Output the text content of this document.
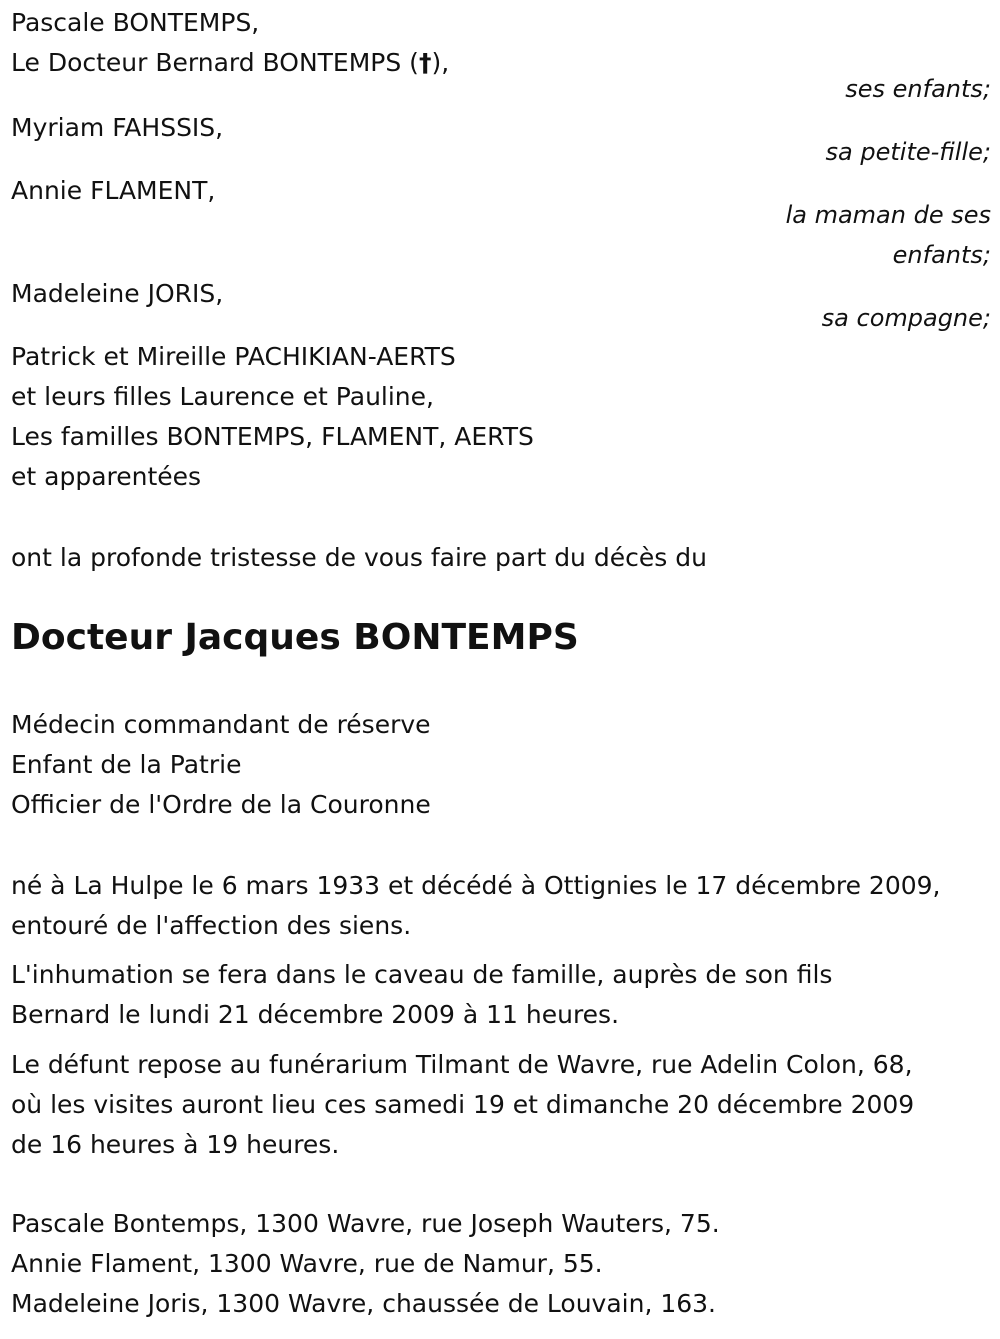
Pascale BONTEMPS,
Le Docteur Bernard BONTEMPS (†),
ses enfants;
Myriam FAHSSIS,
sa petite-fille;
Annie FLAMENT,
la maman de ses
enfants;
Madeleine JORIS,
sa compagne;
Patrick et Mireille PACHIKIAN-AERTS
et leurs filles Laurence et Pauline,
Les familles BONTEMPS, FLAMENT, AERTS
et apparentées
ont la profonde tristesse de vous faire part du décès du
Docteur Jacques BONTEMPS
Médecin commandant de réserve
Enfant de la Patrie
Officier de l'Ordre de la Couronne
né à La Hulpe le 6 mars 1933 et décédé à Ottignies le 17 décembre 2009,
entouré de l'affection des siens.
L'inhumation se fera dans le caveau de famille, auprès de son fils
Bernard le lundi 21 décembre 2009 à 11 heures.
Le défunt repose au funérarium Tilmant de Wavre, rue Adelin Colon, 68,
où les visites auront lieu ces samedi 19 et dimanche 20 décembre 2009
de 16 heures à 19 heures.
Pascale Bontemps, 1300 Wavre, rue Joseph Wauters, 75.
Annie Flament, 1300 Wavre, rue de Namur, 55.
Madeleine Joris, 1300 Wavre, chaussée de Louvain, 163.
